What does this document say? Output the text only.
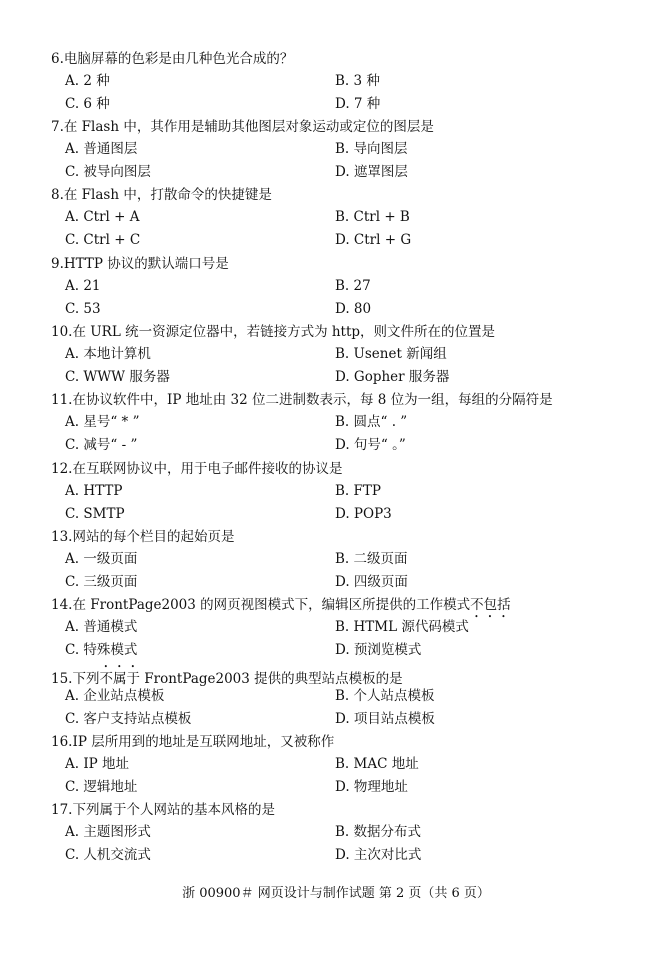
6.电脑屏幕的色彩是由几种色光合成的？
A. 2 种	B. 3 种
C. 6 种	D. 7 种
7.在 Flash 中，其作用是辅助其他图层对象运动或定位的图层是
A. 普通图层	B. 导向图层
C. 被导向图层	D. 遮罩图层
8.在 Flash 中，打散命令的快捷键是
A. Ctrl + A	B. Ctrl + B
C. Ctrl + C	D. Ctrl + G
9.HTTP 协议的默认端口号是
A. 21	B. 27
C. 53	D. 80
10.在 URL 统一资源定位器中，若链接方式为 http，则文件所在的位置是
A. 本地计算机	B. Usenet 新闻组
C. WWW 服务器	D. Gopher 服务器
11.在协议软件中，IP 地址由 32 位二进制数表示，每 8 位为一组，每组的分隔符是
A. 星号“ * ”	B. 圆点“ . ”
C. 减号“ - ”	D. 句号“ 。”
12.在互联网协议中，用于电子邮件接收的协议是
A. HTTP	B. FTP
C. SMTP	D. POP3
13.网站的每个栏目的起始页是
A. 一级页面	B. 二级页面
C. 三级页面	D. 四级页面
14.在 FrontPage2003 的网页视图模式下，编辑区所提供的工作模式不包括
A. 普通模式	B. HTML 源代码模式
C. 特殊模式	D. 预浏览模式
15.下列不属于 FrontPage2003 提供的典型站点模板的是
A. 企业站点模板	B. 个人站点模板
C. 客户支持站点模板	D. 项目站点模板
16.IP 层所用到的地址是互联网地址，又被称作
A. IP 地址	B. MAC 地址
C. 逻辑地址	D. 物理地址
17.下列属于个人网站的基本风格的是
A. 主题图形式	B. 数据分布式
C. 人机交流式	D. 主次对比式
浙 00900＃ 网页设计与制作试题 第 2 页（共 6 页）
